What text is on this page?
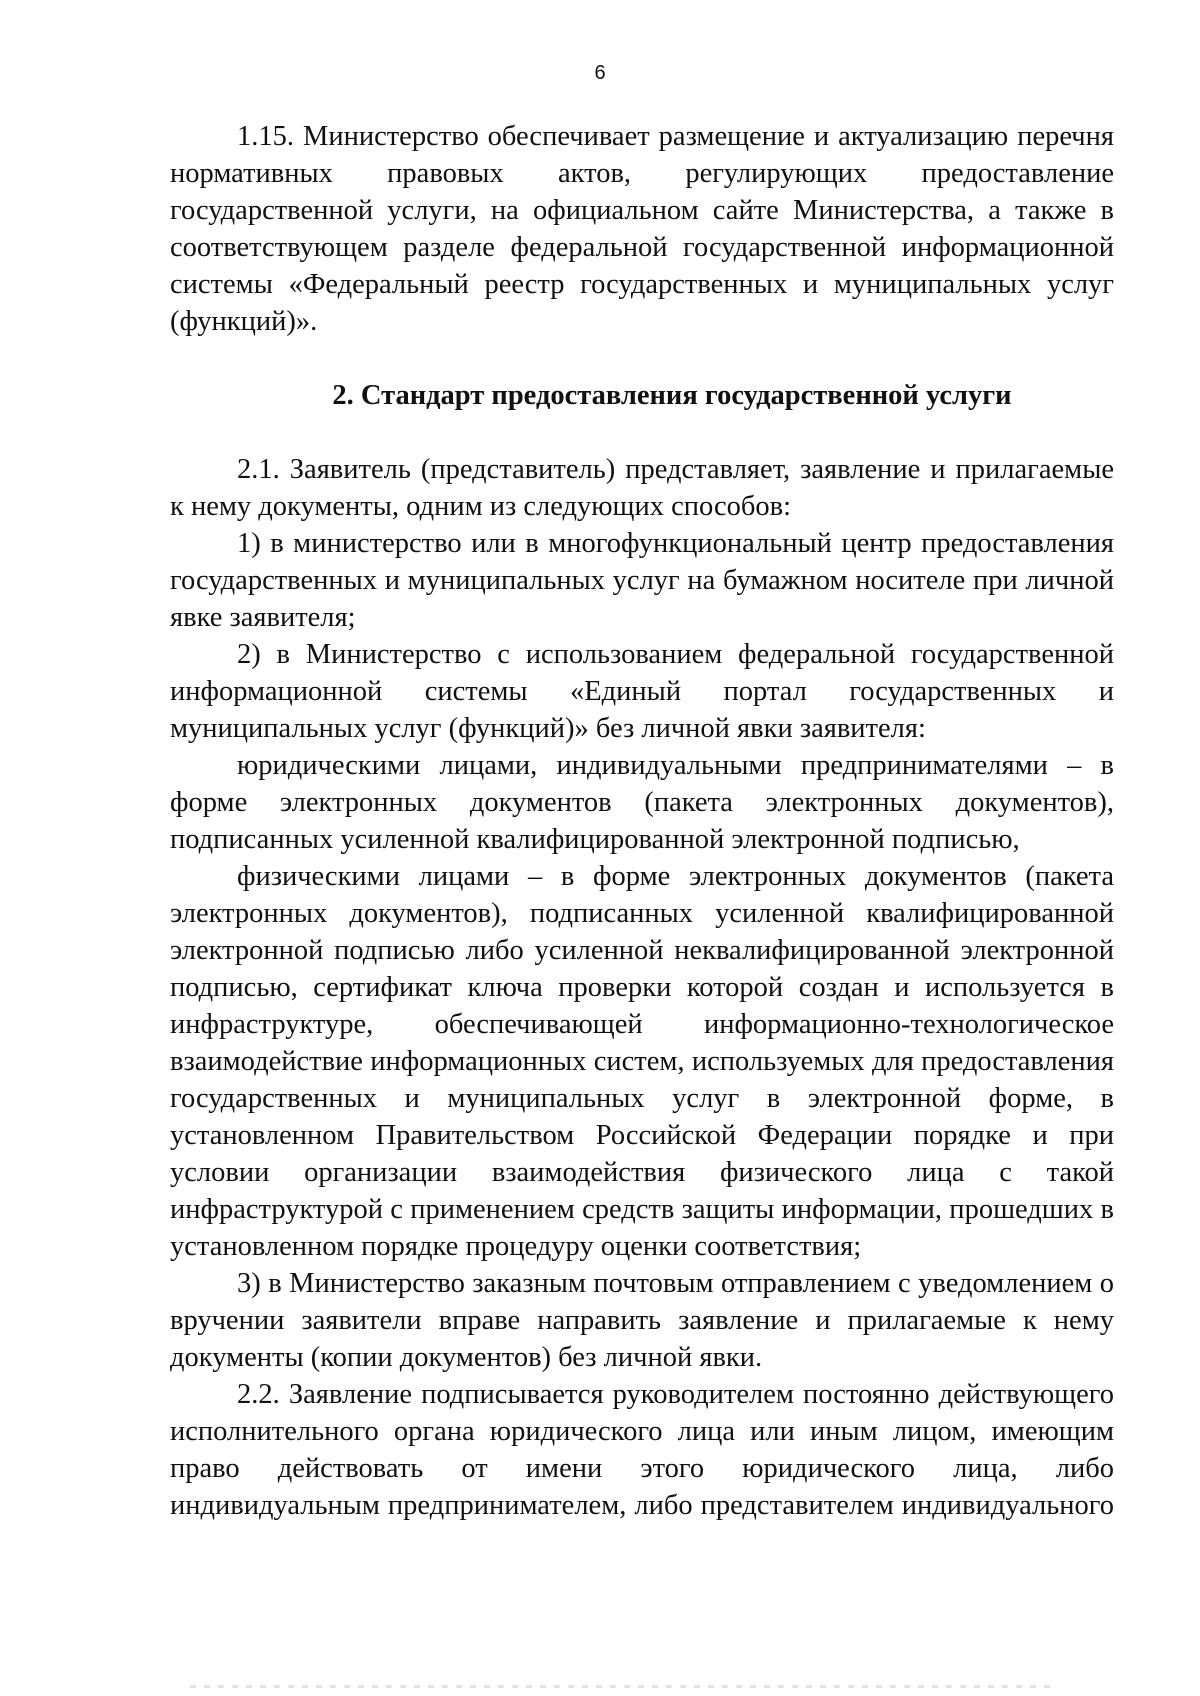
6

1.15. Министерство обеспечивает размещение и актуализацию перечня нормативных правовых актов, регулирующих предоставление государственной услуги, на официальном сайте Министерства, а также в соответствующем разделе федеральной государственной информационной системы «Федеральный реестр государственных и муниципальных услуг (функций)».

2. Стандарт предоставления государственной услуги

2.1. Заявитель (представитель) представляет, заявление и прилагаемые к нему документы, одним из следующих способов:

1) в министерство или в многофункциональный центр предоставления государственных и муниципальных услуг на бумажном носителе при личной явке заявителя;

2) в Министерство с использованием федеральной государственной информационной системы «Единый портал государственных и муниципальных услуг (функций)» без личной явки заявителя:

юридическими лицами, индивидуальными предпринимателями – в форме электронных документов (пакета электронных документов), подписанных усиленной квалифицированной электронной подписью,

физическими лицами – в форме электронных документов (пакета электронных документов), подписанных усиленной квалифицированной электронной подписью либо усиленной неквалифицированной электронной подписью, сертификат ключа проверки которой создан и используется в инфраструктуре, обеспечивающей информационно-технологическое взаимодействие информационных систем, используемых для предоставления государственных и муниципальных услуг в электронной форме, в установленном Правительством Российской Федерации порядке и при условии организации взаимодействия физического лица с такой инфраструктурой с применением средств защиты информации, прошедших в установленном порядке процедуру оценки соответствия;

3) в Министерство заказным почтовым отправлением с уведомлением о вручении заявители вправе направить заявление и прилагаемые к нему документы (копии документов) без личной явки.

2.2. Заявление подписывается руководителем постоянно действующего исполнительного органа юридического лица или иным лицом, имеющим право действовать от имени этого юридического лица, либо индивидуальным предпринимателем, либо представителем индивидуального
